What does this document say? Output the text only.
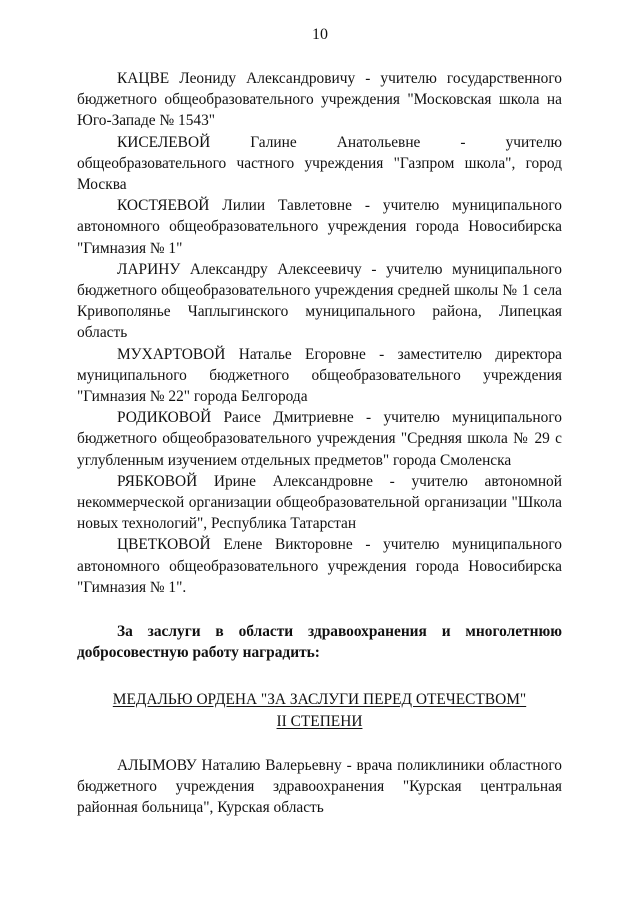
10

КАЦВЕ Леониду Александровичу - учителю государственного бюджетного общеобразовательного учреждения "Московская школа на Юго-Западе № 1543"

КИСЕЛЕВОЙ Галине Анатольевне - учителю общеобразовательного частного учреждения "Газпром школа", город Москва

КОСТЯЕВОЙ Лилии Тавлетовне - учителю муниципального автономного общеобразовательного учреждения города Новосибирска "Гимназия № 1"

ЛАРИНУ Александру Алексеевичу - учителю муниципального бюджетного общеобразовательного учреждения средней школы № 1 села Кривополянье Чаплыгинского муниципального района, Липецкая область

МУХАРТОВОЙ Наталье Егоровне - заместителю директора муниципального бюджетного общеобразовательного учреждения "Гимназия № 22" города Белгорода

РОДИКОВОЙ Раисе Дмитриевне - учителю муниципального бюджетного общеобразовательного учреждения "Средняя школа № 29 с углубленным изучением отдельных предметов" города Смоленска

РЯБКОВОЙ Ирине Александровне - учителю автономной некоммерческой организации общеобразовательной организации "Школа новых технологий", Республика Татарстан

ЦВЕТКОВОЙ Елене Викторовне - учителю муниципального автономного общеобразовательного учреждения города Новосибирска "Гимназия № 1".

За заслуги в области здравоохранения и многолетнюю добросовестную работу наградить:

МЕДАЛЬЮ ОРДЕНА "ЗА ЗАСЛУГИ ПЕРЕД ОТЕЧЕСТВОМ"
II СТЕПЕНИ

АЛЫМОВУ Наталию Валерьевну - врача поликлиники областного бюджетного учреждения здравоохранения "Курская центральная районная больница", Курская область
